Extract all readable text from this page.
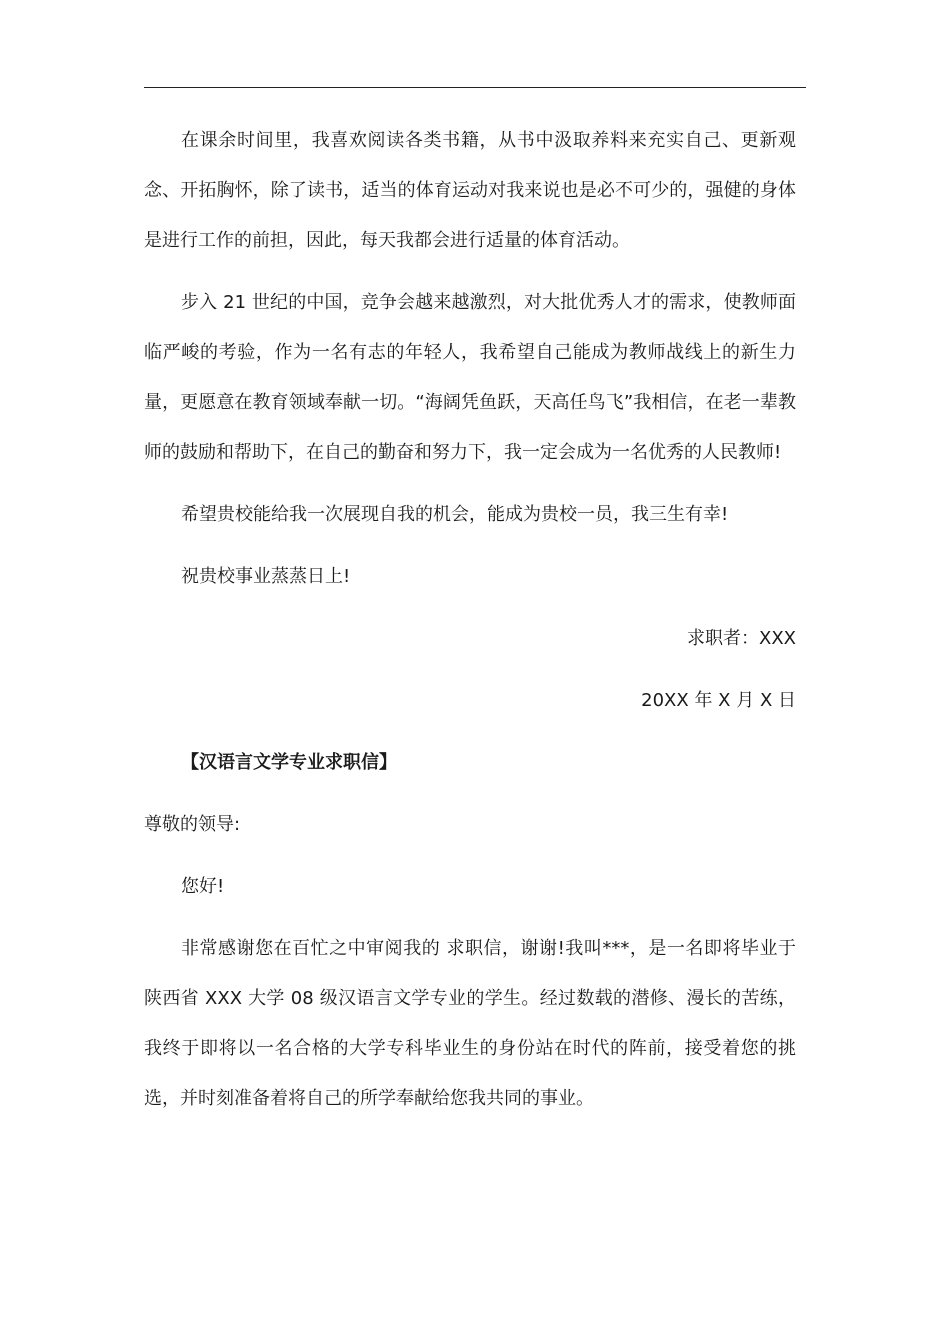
在课余时间里，我喜欢阅读各类书籍，从书中汲取养料来充实自己、更新观念、开拓胸怀，除了读书，适当的体育运动对我来说也是必不可少的，强健的身体是进行工作的前担，因此，每天我都会进行适量的体育活动。

步入 21 世纪的中国，竞争会越来越激烈，对大批优秀人才的需求，使教师面临严峻的考验，作为一名有志的年轻人，我希望自己能成为教师战线上的新生力量，更愿意在教育领域奉献一切。“海阔凭鱼跃，天高任鸟飞”我相信，在老一辈教师的鼓励和帮助下，在自己的勤奋和努力下，我一定会成为一名优秀的人民教师!

希望贵校能给我一次展现自我的机会，能成为贵校一员，我三生有幸!

祝贵校事业蒸蒸日上!

求职者：XXX

20XX 年 X 月 X 日

【汉语言文学专业求职信】

尊敬的领导:

您好!

非常感谢您在百忙之中审阅我的 求职信，谢谢!我叫***，是一名即将毕业于陕西省 XXX 大学 08 级汉语言文学专业的学生。经过数载的潜修、漫长的苦练，我终于即将以一名合格的大学专科毕业生的身份站在时代的阵前，接受着您的挑选，并时刻准备着将自己的所学奉献给您我共同的事业。
